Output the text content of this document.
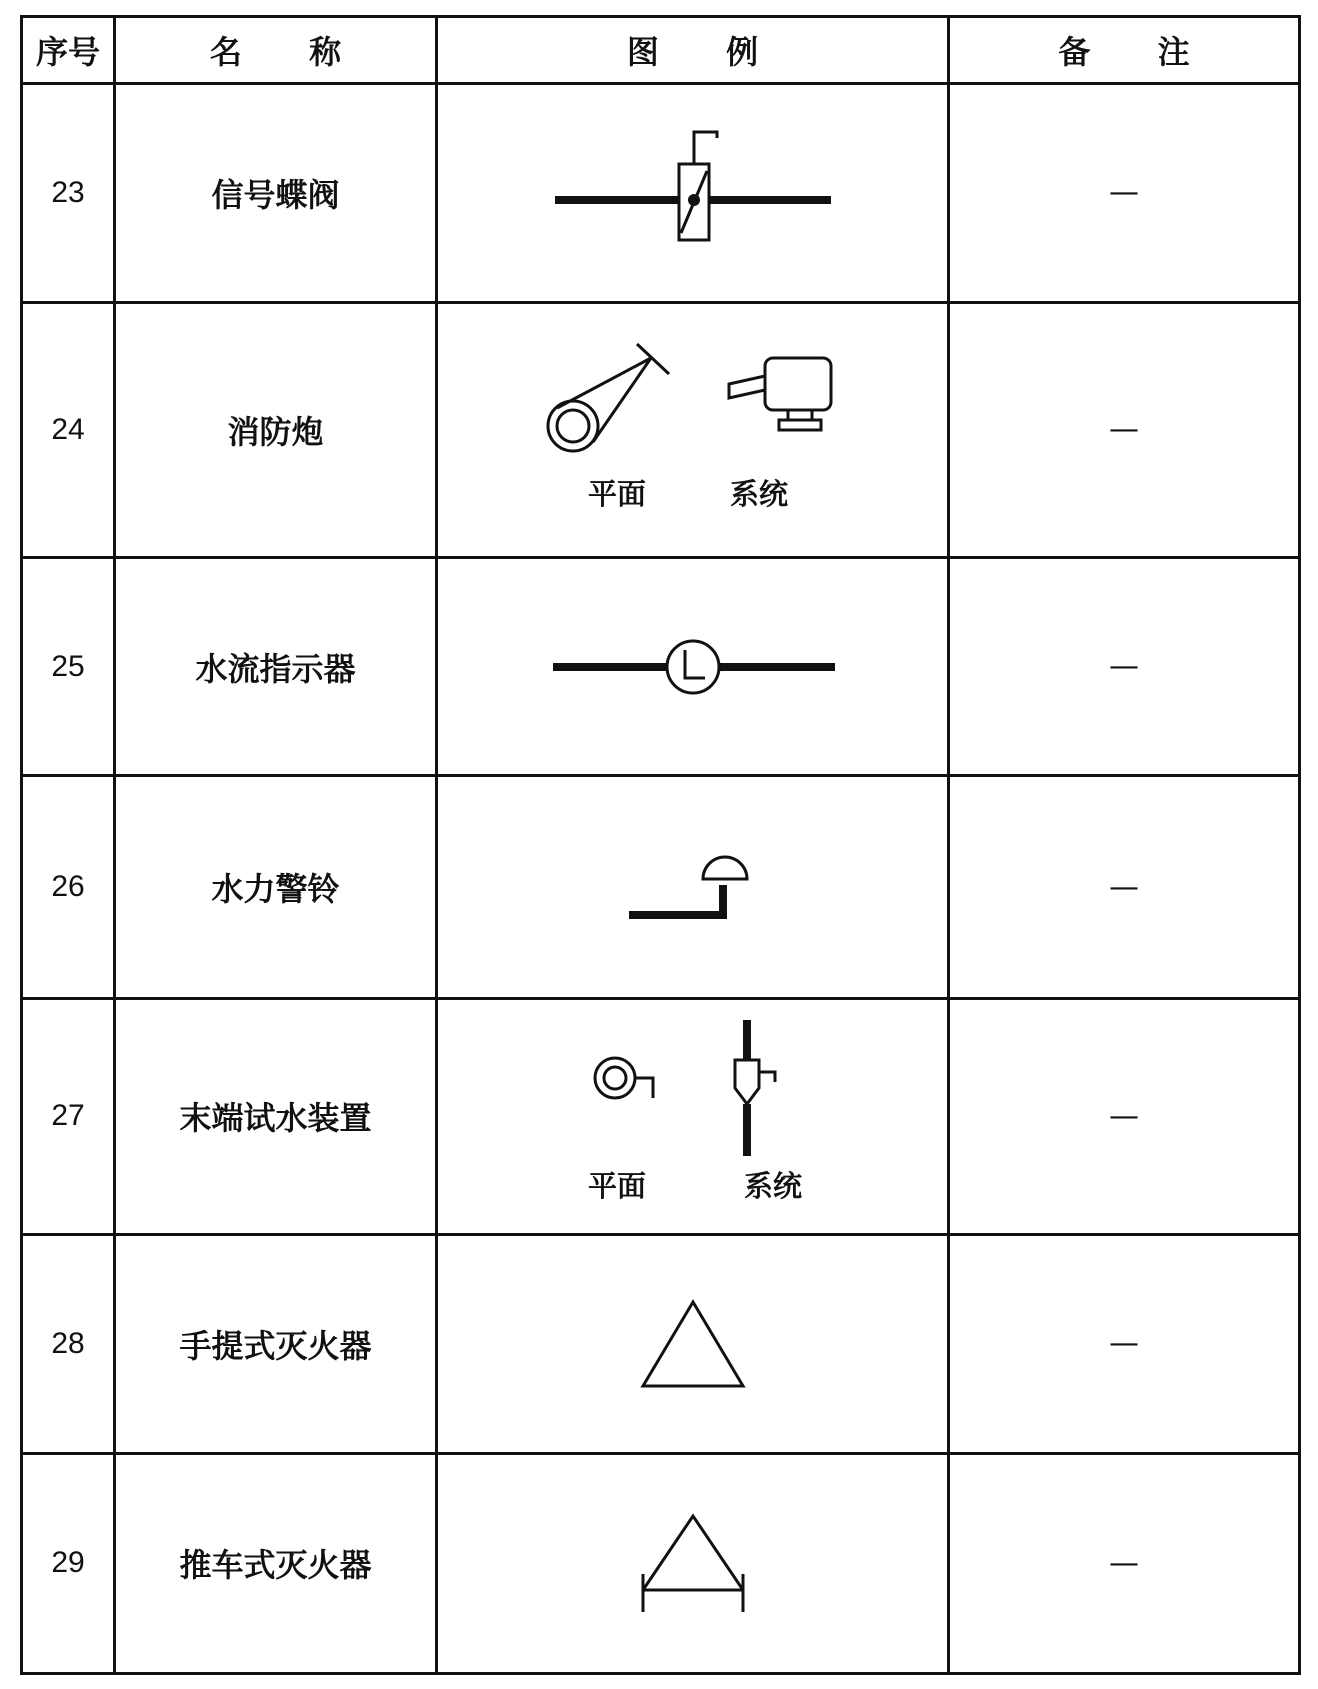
序号	名 称	图 例	备 注
23	信号蝶阀		—
24	消防炮	平面 系统	—
25	水流指示器		—
26	水力警铃		—
27	末端试水装置	平面 系统	—
28	手提式灭火器		—
29	推车式灭火器		—
